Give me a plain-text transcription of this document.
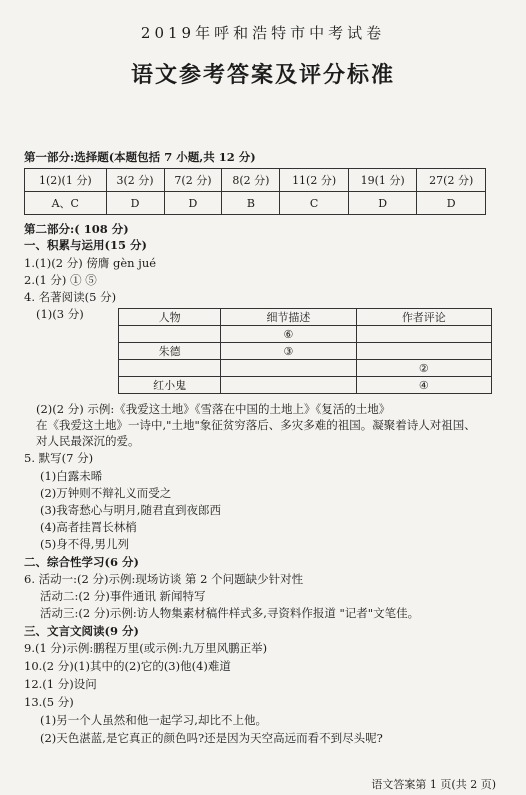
2019年呼和浩特市中考试卷
语文参考答案及评分标准
第一部分:选择题(本题包括 7 小题,共 12 分)
1(2)(1 分)	3(2 分)	7(2 分)	8(2 分)	11(2 分)	19(1 分)	27(2 分)
A、C	D	D	B	C	D	D
第二部分:( 108 分)
一、积累与运用(15 分)
1.(1)(2 分) 傍膺 gèn jué
2.(1 分) ① ⑤
4. 名著阅读(5 分)
(1)(3 分)	人物	细节描述	作者评论
	⑥	
朱德	③	
		②
红小鬼		④
(2)(2 分) 示例:《我爱这土地》《雪落在中国的土地上》《复活的土地》
在《我爱这土地》一诗中,"土地"象征贫穷落后、多灾多难的祖国。凝聚着诗人对祖国、
对人民最深沉的爱。
5. 默写(7 分)
(1)白露未晞
(2)万钟则不辩礼义而受之
(3)我寄愁心与明月,随君直到夜郎西
(4)高者挂罥长林梢
(5)身不得,男儿列
二、综合性学习(6 分)
6. 活动一:(2 分)示例:现场访谈 第 2 个问题缺少针对性
活动二:(2 分)事件通讯 新闻特写
活动三:(2 分)示例:访人物集素材稿件样式多,寻资料作报道 "记者"文笔佳。
三、文言文阅读(9 分)
9.(1 分)示例:鹏程万里(或示例:九万里风鹏正举)
10.(2 分)(1)其中的(2)它的(3)他(4)难道
12.(1 分)设问
13.(5 分)
(1)另一个人虽然和他一起学习,却比不上他。
(2)天色湛蓝,是它真正的颜色吗?还是因为天空高远而看不到尽头呢?
语文答案第 1 页(共 2 页)
